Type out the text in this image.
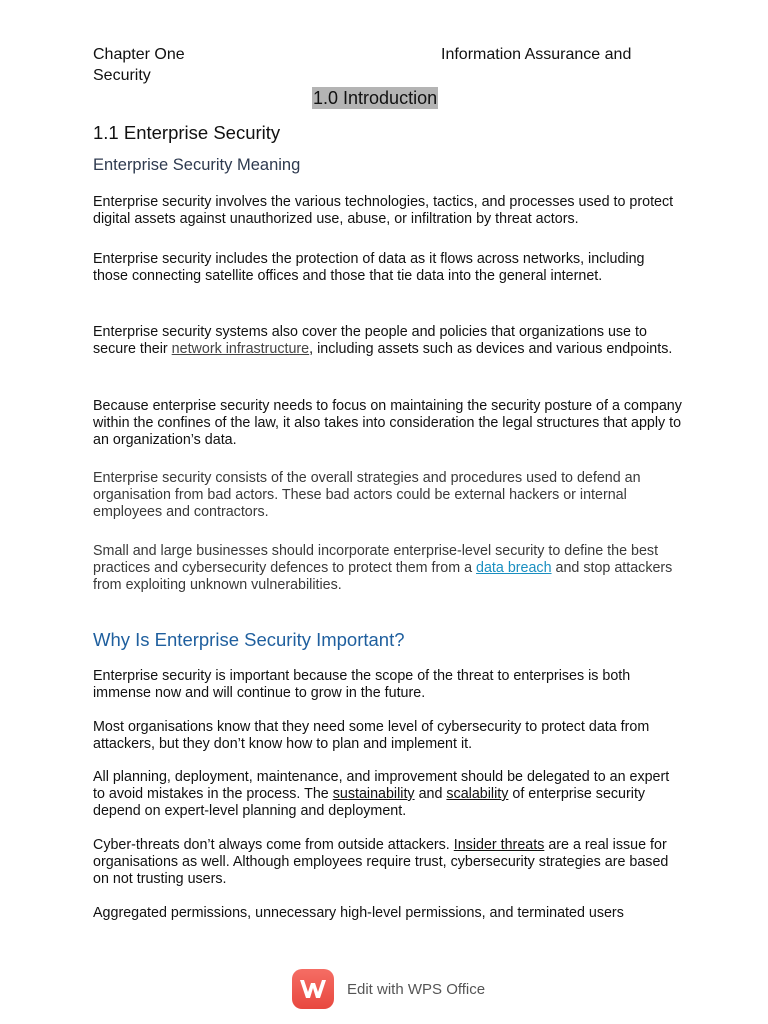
Chapter One	Information Assurance and
Security
1.0 Introduction
1.1 Enterprise Security
Enterprise Security Meaning

Enterprise security involves the various technologies, tactics, and processes used to protect digital assets against unauthorized use, abuse, or infiltration by threat actors.

Enterprise security includes the protection of data as it flows across networks, including those connecting satellite offices and those that tie data into the general internet.

Enterprise security systems also cover the people and policies that organizations use to secure their network infrastructure, including assets such as devices and various endpoints.

Because enterprise security needs to focus on maintaining the security posture of a company within the confines of the law, it also takes into consideration the legal structures that apply to an organization’s data.

Enterprise security consists of the overall strategies and procedures used to defend an organisation from bad actors. These bad actors could be external hackers or internal employees and contractors.

Small and large businesses should incorporate enterprise-level security to define the best practices and cybersecurity defences to protect them from a data breach and stop attackers from exploiting unknown vulnerabilities.

Why Is Enterprise Security Important?

Enterprise security is important because the scope of the threat to enterprises is both immense now and will continue to grow in the future.

Most organisations know that they need some level of cybersecurity to protect data from attackers, but they don’t know how to plan and implement it.

All planning, deployment, maintenance, and improvement should be delegated to an expert to avoid mistakes in the process. The sustainability and scalability of enterprise security depend on expert-level planning and deployment.

Cyber-threats don’t always come from outside attackers. Insider threats are a real issue for organisations as well. Although employees require trust, cybersecurity strategies are based on not trusting users.

Aggregated permissions, unnecessary high-level permissions, and terminated users

Edit with WPS Office
